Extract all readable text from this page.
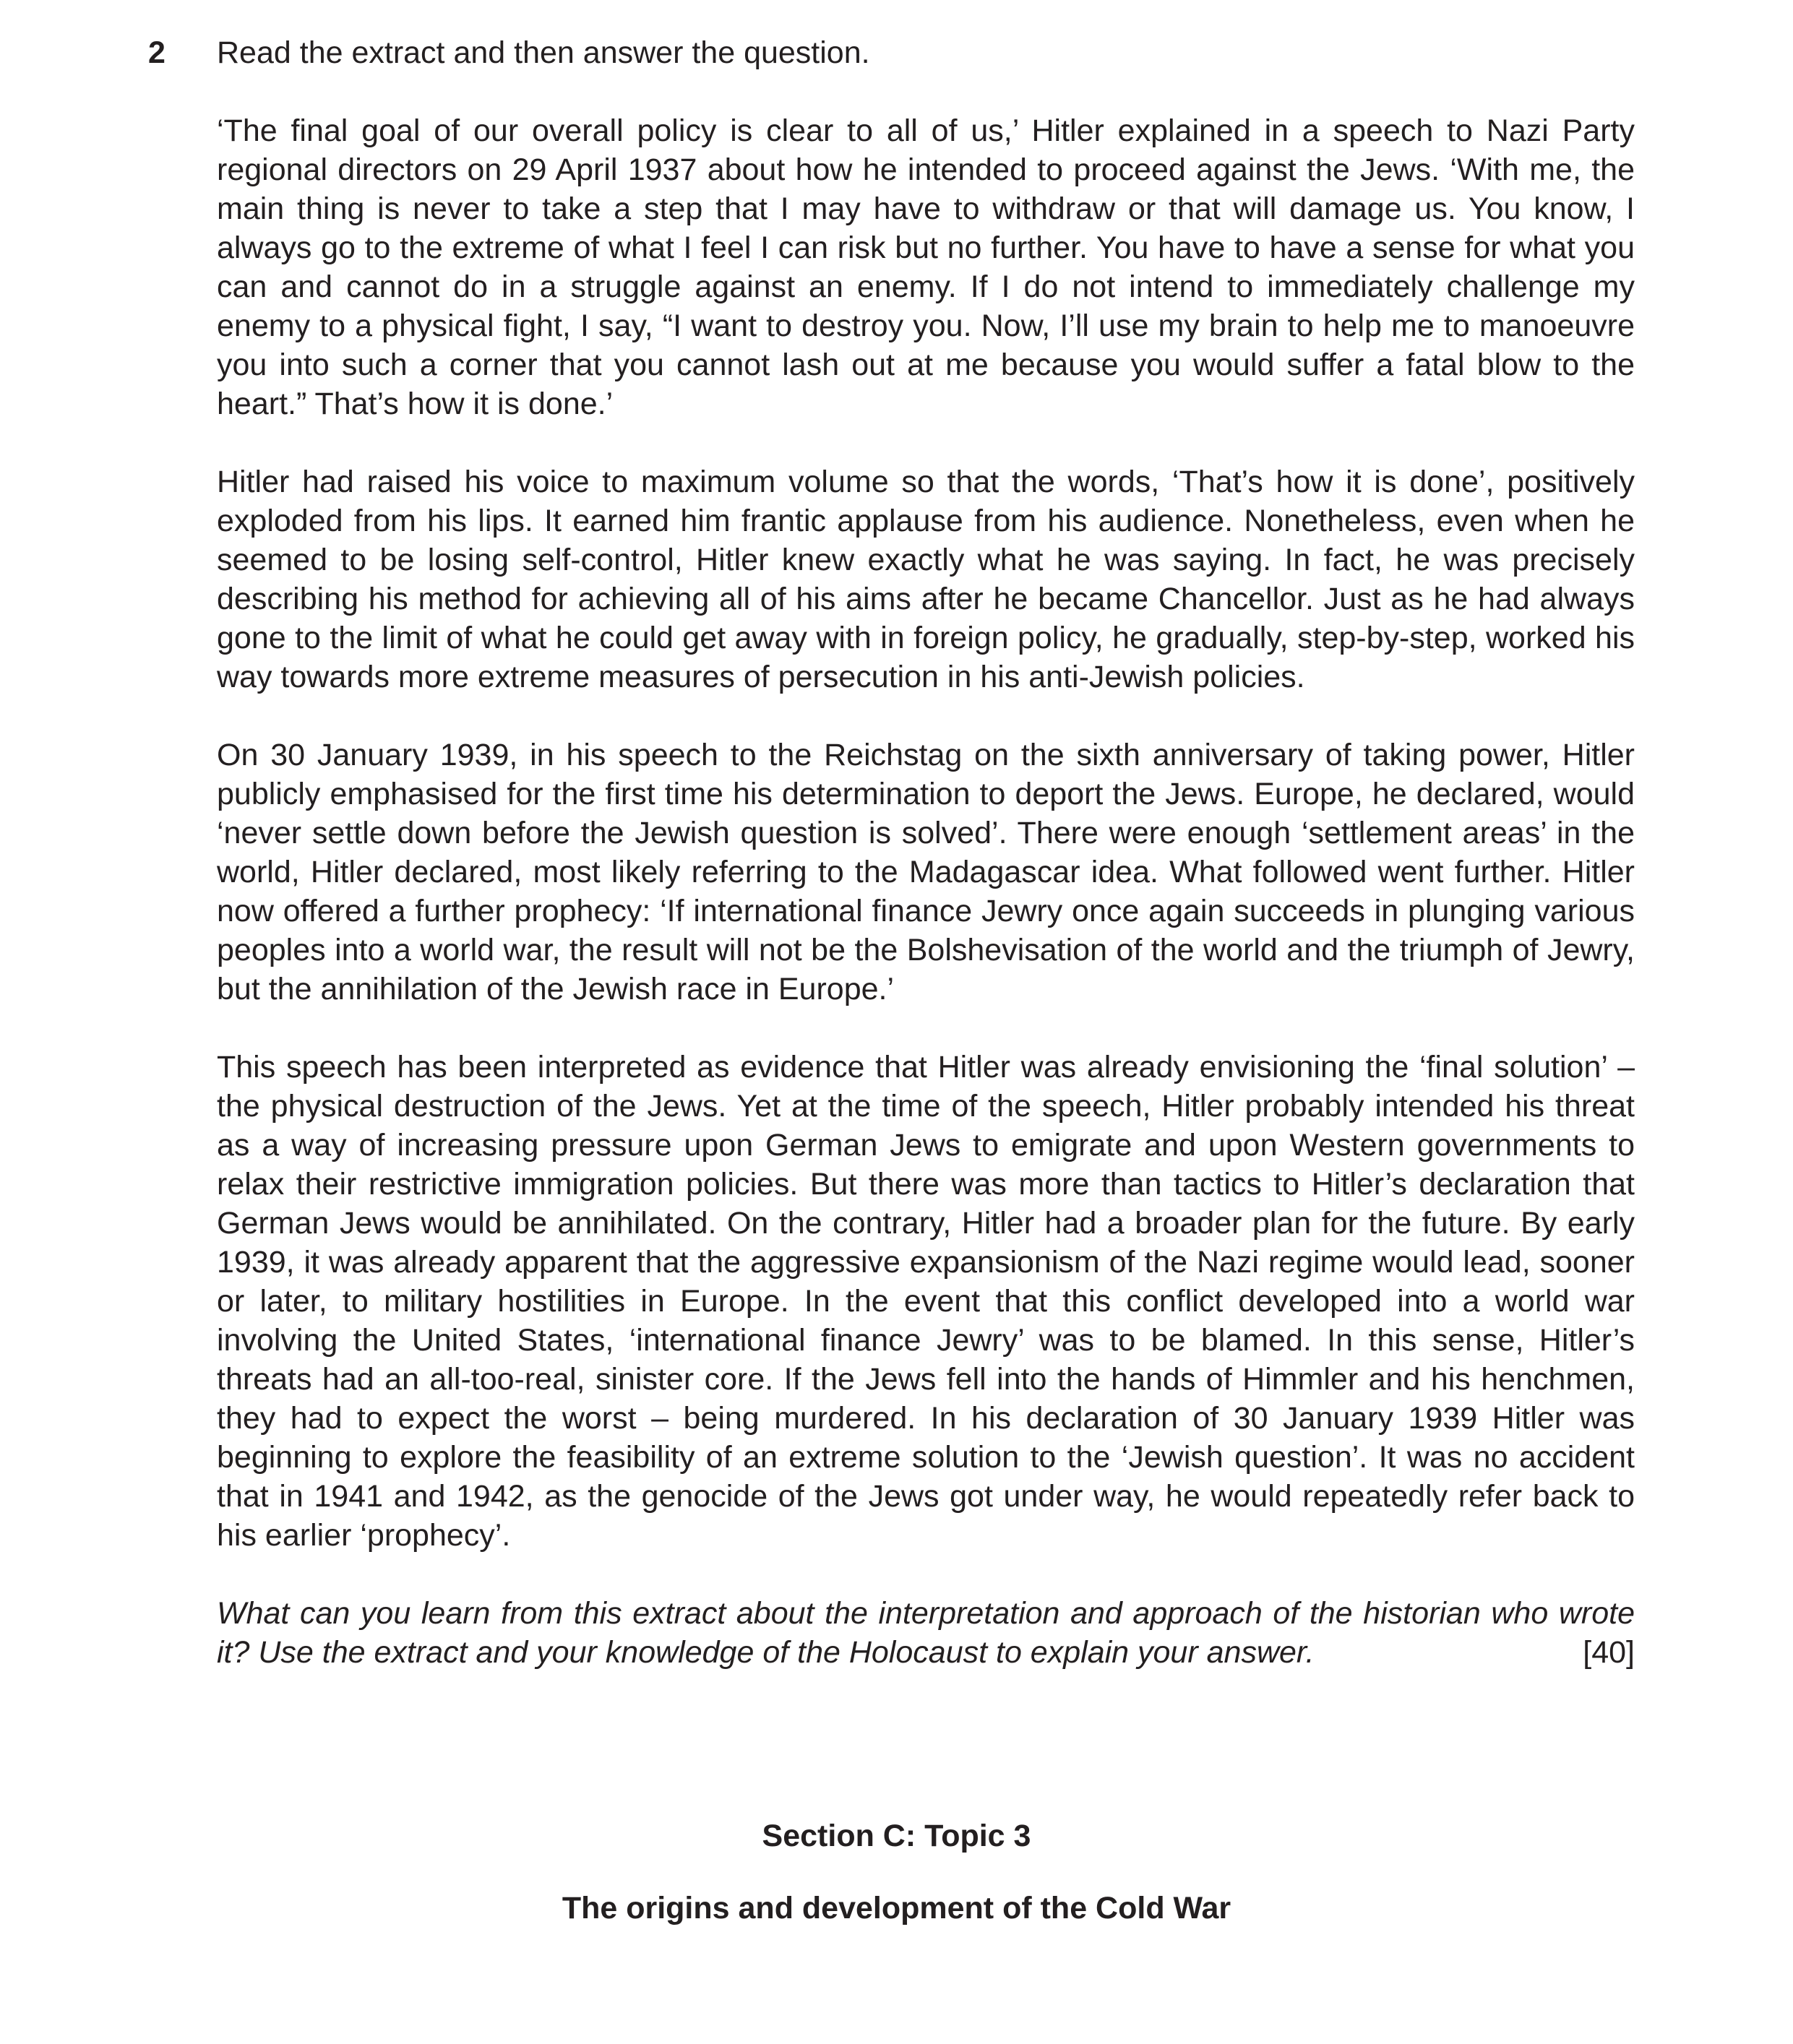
2 Read the extract and then answer the question.

‘The final goal of our overall policy is clear to all of us,’ Hitler explained in a speech to Nazi Party regional directors on 29 April 1937 about how he intended to proceed against the Jews. ‘With me, the main thing is never to take a step that I may have to withdraw or that will damage us. You know, I always go to the extreme of what I feel I can risk but no further. You have to have a sense for what you can and cannot do in a struggle against an enemy. If I do not intend to immediately challenge my enemy to a physical fight, I say, “I want to destroy you. Now, I’ll use my brain to help me to manoeuvre you into such a corner that you cannot lash out at me because you would suffer a fatal blow to the heart.” That’s how it is done.’

Hitler had raised his voice to maximum volume so that the words, ‘That’s how it is done’, positively exploded from his lips. It earned him frantic applause from his audience. Nonetheless, even when he seemed to be losing self-control, Hitler knew exactly what he was saying. In fact, he was precisely describing his method for achieving all of his aims after he became Chancellor. Just as he had always gone to the limit of what he could get away with in foreign policy, he gradually, step-by-step, worked his way towards more extreme measures of persecution in his anti-Jewish policies.

On 30 January 1939, in his speech to the Reichstag on the sixth anniversary of taking power, Hitler publicly emphasised for the first time his determination to deport the Jews. Europe, he declared, would ‘never settle down before the Jewish question is solved’. There were enough ‘settlement areas’ in the world, Hitler declared, most likely referring to the Madagascar idea. What followed went further. Hitler now offered a further prophecy: ‘If international finance Jewry once again succeeds in plunging various peoples into a world war, the result will not be the Bolshevisation of the world and the triumph of Jewry, but the annihilation of the Jewish race in Europe.’

This speech has been interpreted as evidence that Hitler was already envisioning the ‘final solution’ – the physical destruction of the Jews. Yet at the time of the speech, Hitler probably intended his threat as a way of increasing pressure upon German Jews to emigrate and upon Western governments to relax their restrictive immigration policies. But there was more than tactics to Hitler’s declaration that German Jews would be annihilated. On the contrary, Hitler had a broader plan for the future. By early 1939, it was already apparent that the aggressive expansionism of the Nazi regime would lead, sooner or later, to military hostilities in Europe. In the event that this conflict developed into a world war involving the United States, ‘international finance Jewry’ was to be blamed. In this sense, Hitler’s threats had an all-too-real, sinister core. If the Jews fell into the hands of Himmler and his henchmen, they had to expect the worst – being murdered. In his declaration of 30 January 1939 Hitler was beginning to explore the feasibility of an extreme solution to the ‘Jewish question’. It was no accident that in 1941 and 1942, as the genocide of the Jews got under way, he would repeatedly refer back to his earlier ‘prophecy’.

What can you learn from this extract about the interpretation and approach of the historian who wrote it? Use the extract and your knowledge of the Holocaust to explain your answer.	[40]

Section C: Topic 3
The origins and development of the Cold War
